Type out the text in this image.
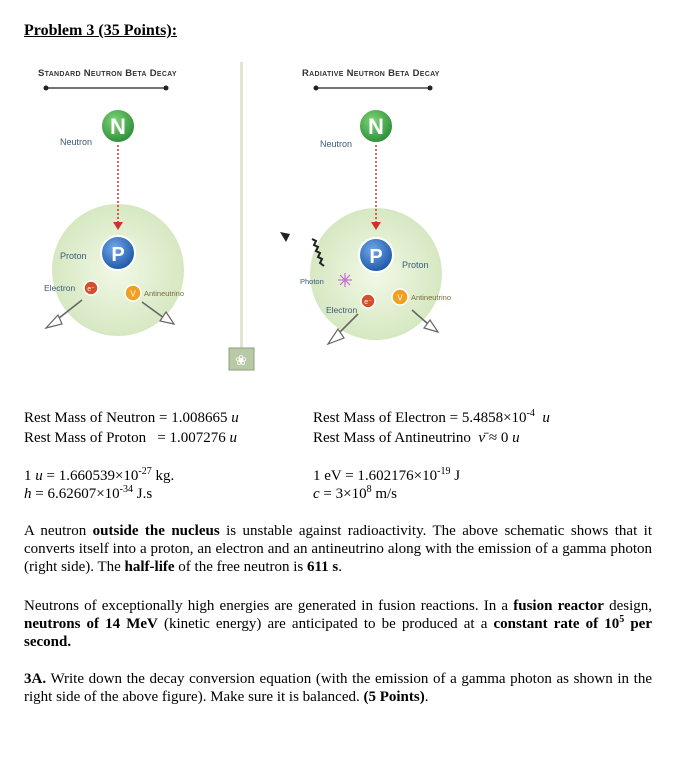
Problem 3 (35 Points):
❀
Standard Neutron Beta Decay
N
Neutron
P
Proton
e⁻
Electron
V Antineutrino
Radiative Neutron Beta Decay
N
Neutron
P Proton
Photon
e⁻
Electron
V Antineutrino
Rest Mass of Neutron = 1.008665 u
Rest Mass of Proton   = 1.007276 u
Rest Mass of Electron = $5.4858\times 10^{-4}$ u
Rest Mass of Antineutrino ν̄ ≈ 0 u
1 $u = 1.660539\times 10^{-27}$ kg.
$h = 6.62607\times 10^{-34}$ J.s
1 eV = $1.602176\times 10^{-19}$ J
$c = 3\times 10^8$ m/s
A neutron outside the nucleus is unstable against radioactivity. The above schematic shows that it converts itself into a proton, an electron and an antineutrino along with the emission of a gamma photon (right side). The half-life of the free neutron is 611 s.
Neutrons of exceptionally high energies are generated in fusion reactions. In a fusion reactor design, neutrons of 14 MeV (kinetic energy) are anticipated to be produced at a constant rate of $10^5$ per second.
3A. Write down the decay conversion equation (with the emission of a gamma photon as shown in the right side of the above figure). Make sure it is balanced. (5 Points).
